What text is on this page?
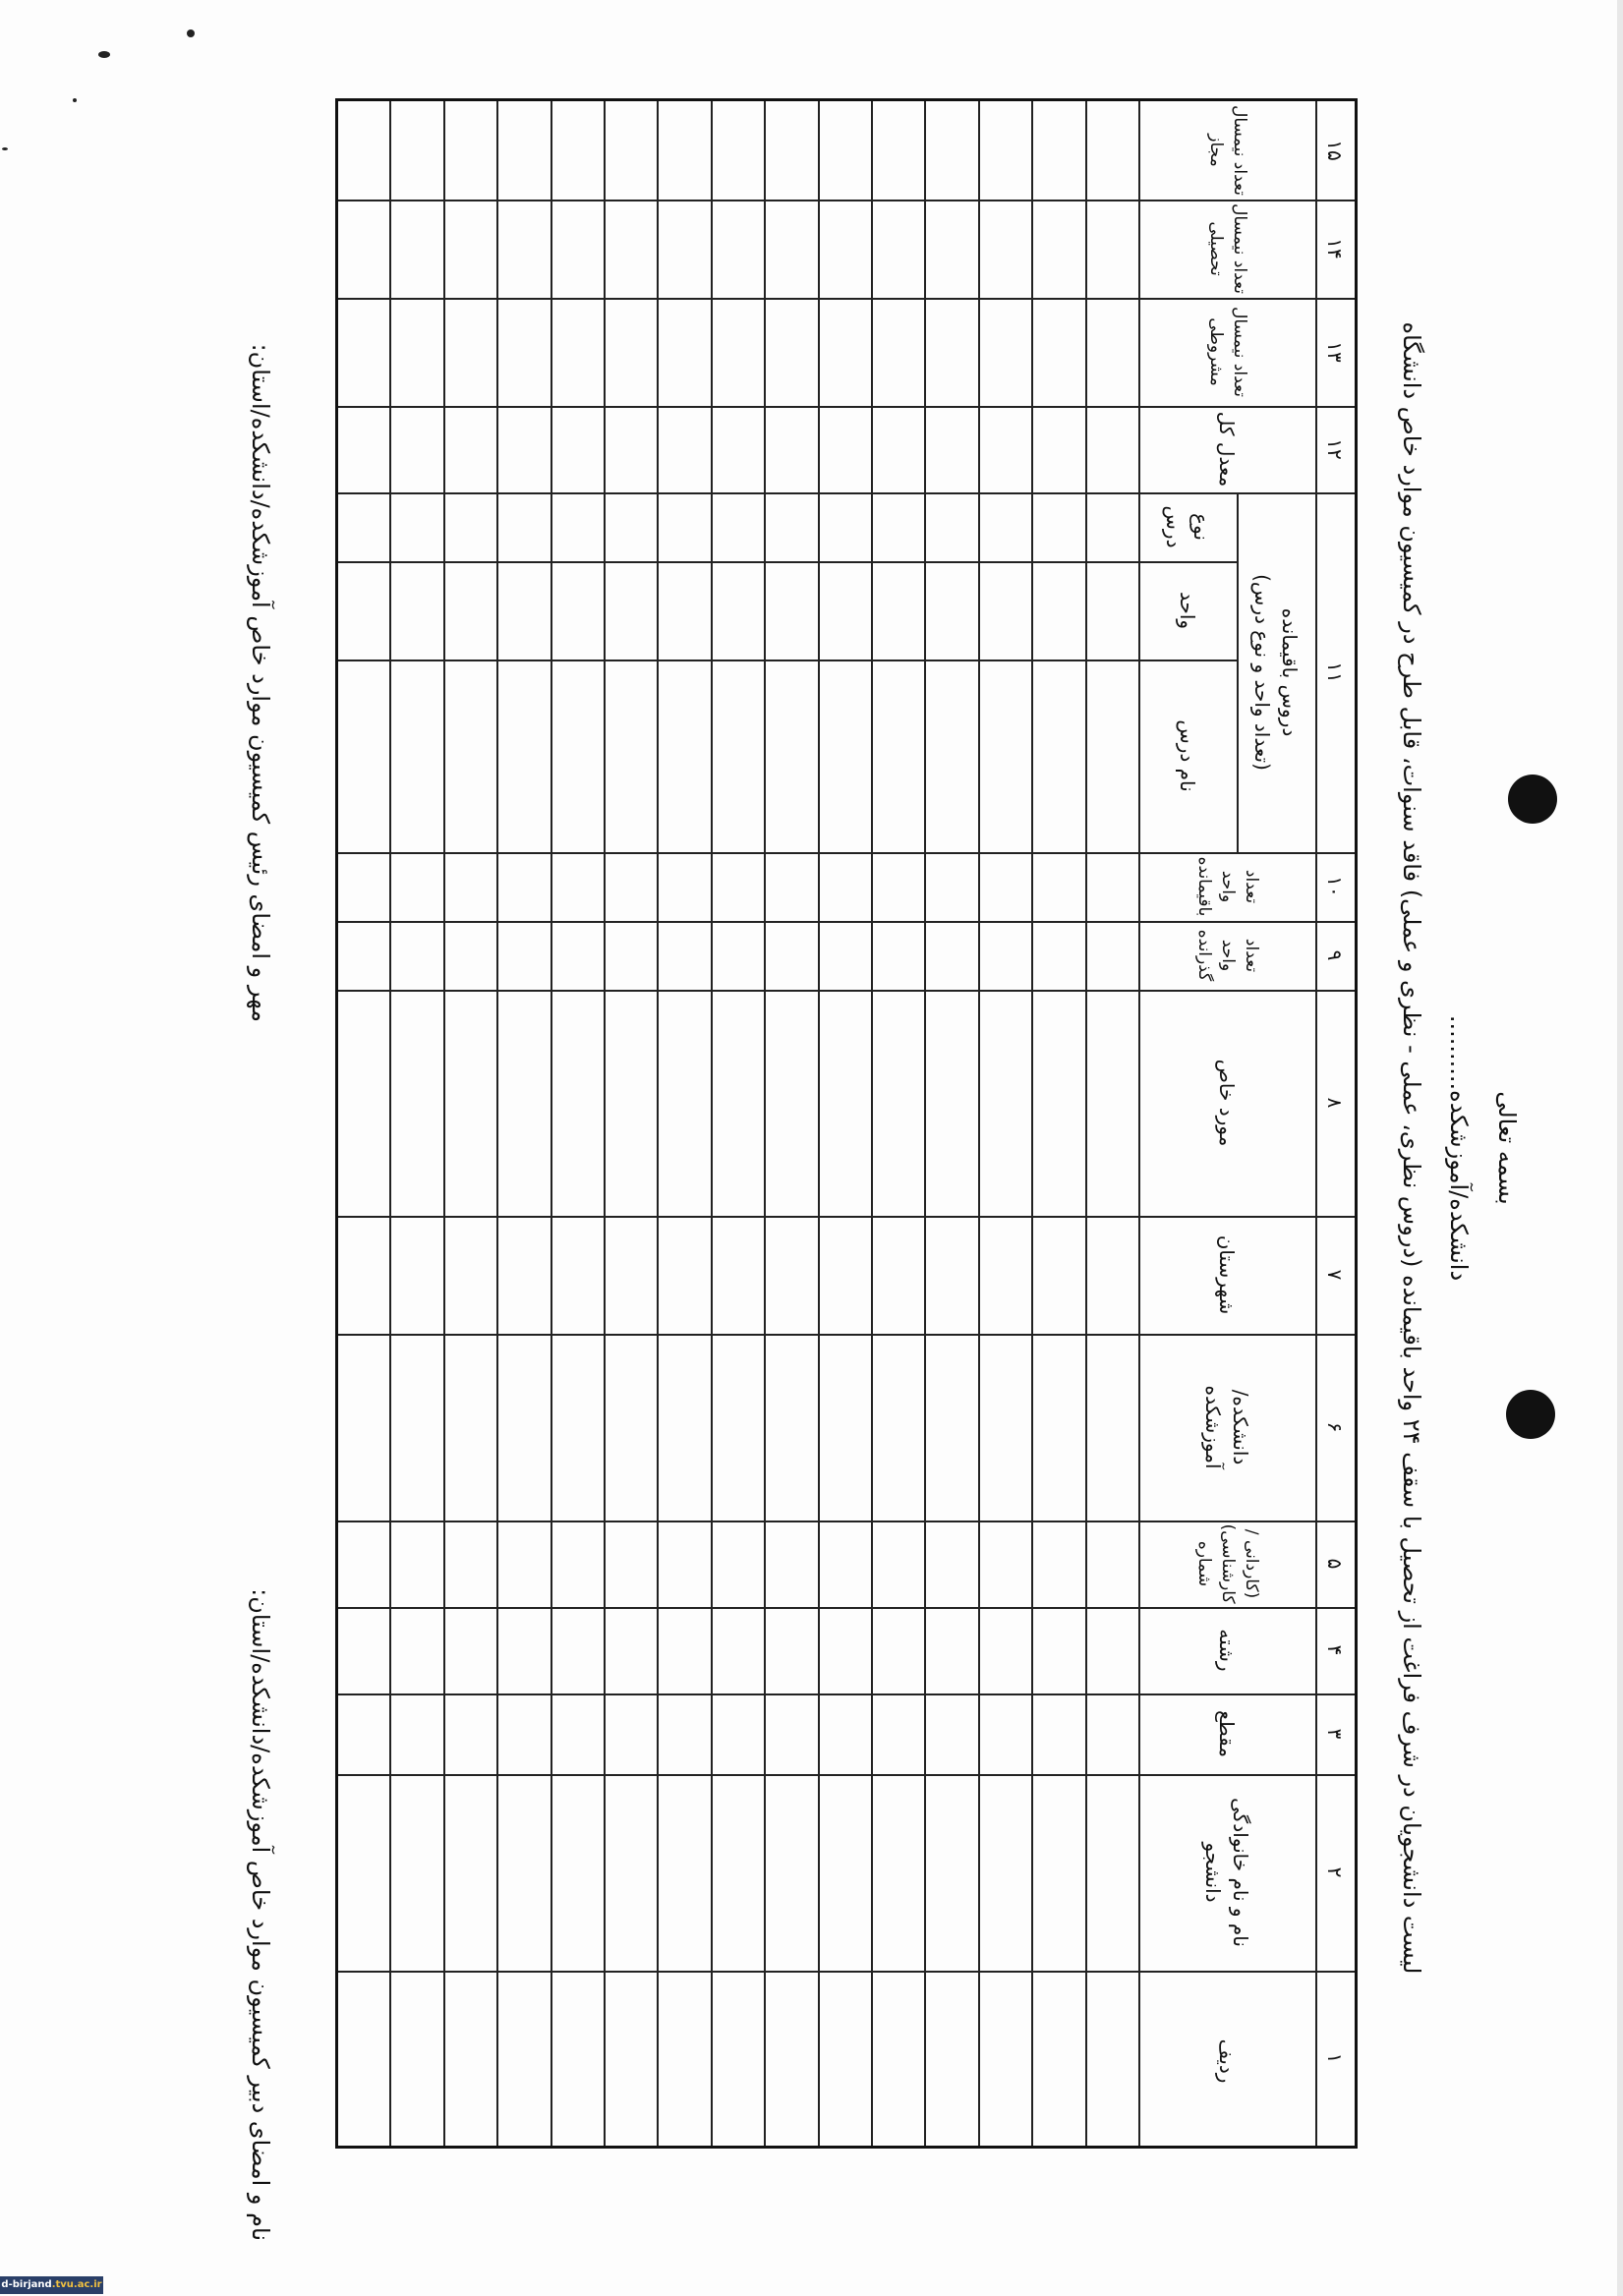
بسمه تعالی
دانشکده/آموزشکده..........
لیست دانشجویان در شرف فراغت از تحصیل با سقف ۲۴ واحد باقیمانده (دروس نظری، عملی - نظری و عملی) فاقد سنوات، قابل طرح در کمیسیون موارد خاص دانشگاه
ردیف
نام و نام خانوادگی
دانشجو
مقطع
رشته
(کاردانی / کارشناسی)
شماره
دانشکده/
آموزشکده
شهرستان
مورد خاص
تعداد واحد گذرانده
تعداد واحد باقیمانده
دروس باقیمانده
(تعداد واحد و نوع درس)
نام درس
واحد
نوع
درس
معدل کل
تعداد نیمسال
مشروطی
تعداد نیمسال
تحصیلی
تعداد نیمسال مجاز
۱
۲
۳
۴
۵
۶
۷
۸
۹
۱۰
۱۱
۱۲
۱۳
۱۴
۱۵
نام و امضای دبیر کمیسیون موارد خاص آموزشکده/دانشکده/استان:
مهر و امضای رئیس کمیسیون موارد خاص آموزشکده/دانشکده/استان:
d-birjand.tvu.ac.ir
